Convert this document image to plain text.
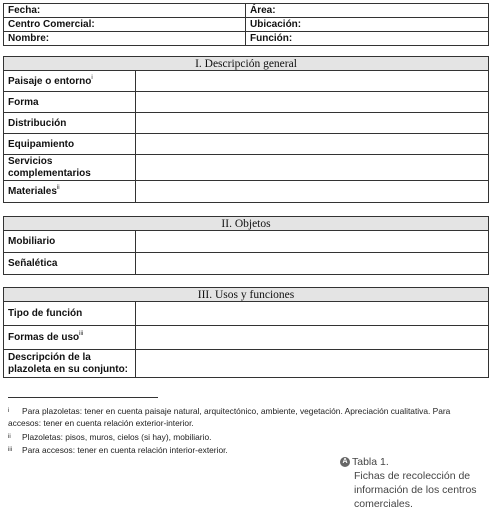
Fecha:	Área:
Centro Comercial:	Ubicación:
Nombre:	Función:
I. Descripción general	
Paisaje o entorno$^i$	
Forma	
Distribución	
Equipamiento	
Servicios complementarios	
Materiales$^{ii}$	
II. Objetos	
Mobiliario	
Señalética	
III. Usos y funciones	
Tipo de función	
Formas de uso$^{iii}$	
Descripción de la plazoleta en su conjunto:	
i Para plazoletas: tener en cuenta paisaje natural, arquitectónico, ambiente, vegetación. Apreciación cualitativa. Para accesos: tener en cuenta relación exterior-interior.
ii Plazoletas: pisos, muros, cielos (si hay), mobiliario.
iii Para accesos: tener en cuenta relación interior-exterior.
A Tabla 1.
Fichas de recolección de información de los centros comerciales.
